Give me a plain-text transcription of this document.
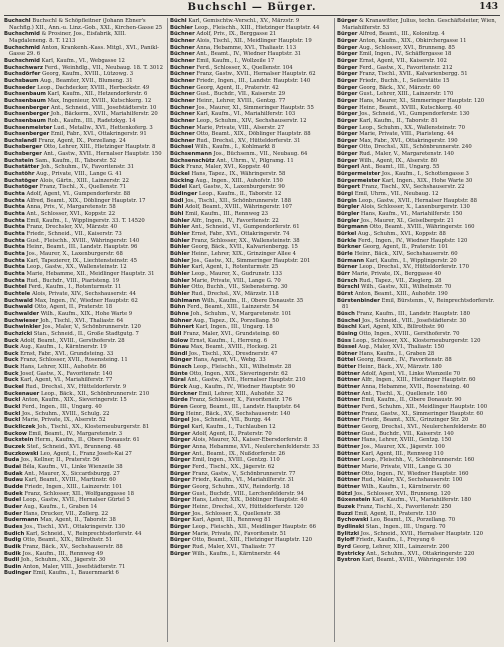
Buchschl — Bürger.	143

Buchschl Buchschl & Schöpfleitner (Johann Ebner's Nachflg.) XII., Ann.-u. Linz.-Gob., XXI., Kirchen-Gasse 25

Buchschmid & Prosiner, Jos., Eisfabrik, XIII. Magdaleneng. 8. T. 1213

Buchschmid Anton, Krankenh.-Kass. Mitgl., XVI., Panikl-Gasse 29. 6

Buchschmid Karl, Kaufm., VI., Webgasse 12

Buchschwarz Ferd., Weinhdlg., VII., Neubaug. 18. T. 3012

Buchsdörfer Georg, Kaufm., XVIII., Lützowg. 3

Buchsbaum Aug., Beamter, XVII., Blumeng. 31

Buchseder Leop., Dachdecker, XVIII., Herbeckstr. 49

Buchsenbaum Karl, Kaufm., XII., Hetzendorferstr. 6

Buchsenbaum Max, Ingenieur, XVIII., Kutschkerg. 12

Buchsenberger Ant., Schneid., VIII., Josefstädterstr. 10

Buchsenberger Joh., Bäckerm., XVII., Mariahilferstr. 20

Buchsenbaum Rob., Kaufm., III., Radetzkyg. 14

Buchsenmeister Lud., Metallw., XVI., Hettenkoferg. 3

Buchsenberger Emil, Fabr., XVI., Ottakringerstr. 91

Buchslandl Franz, Agent, IX., Porzellang. 24

Buchsberger Otto, Lehrer, XIII., Hietzinger Hauptstr. 8

Buchsberger Ant., Gastw., XVII., Hernalser Hauptstr. 150

Buchstein Sam., Kaufm., II., Taborstr. 52

Buchstätter Joh., Schuhm., IV., Favoritenstr. 31

Buchstöhr Aug., Private, VIII., Lange G. 41

Buchstöger Alois, Gärtn., XIII., Lainzerstr. 22

Buchstöger Franz, Tischl., X., Quellenstr. 71

Buchta Adolf, Agent, VI., Gumpendorferstr. 88

Buchta Alfred, Beamt., XIX., Döblinger Hauptstr. 17

Buchta Anna, Priv., V., Margaretenstr. 58

Buchta Ant., Schlosser, XVI., Koppstr. 22

Buchta Emil, Kaufm., I., Wipplingerstr. 33. T. 14520

Buchta Franz, Drechsler, XV., Märzstr. 40

Buchta Friedr., Schneid., VII., Kaiserstr. 73

Buchta Gust., Fleischh., XVIII., Währingerstr. 140

Buchta Heinr., Beamt., III., Landstr. Hauptstr. 96

Buchta Jos., Maurer, X., Laxenburgerstr. 68

Buchta Karl, Tapezierer, IX., Liechtensteinstr. 45

Buchta Leop., Gastw., XX., Wallensteinstr. 12

Buchta Marie, Hebamme, XII., Meidlinger Hauptstr. 31

Buchta Rud., Buchdr., VIII., Piaristeng. 19

Buchtel Ferd., Kaufm., I., Rotenturmstr. 11

Buchtele Alois, Private, XIV., Sechshauserstr. 44

Buchwald Max, Ingen., IV., Wiedner Hauptstr. 62

Buchwald Otto, Agent, II., Praterstr. 18

Buchwalder Wilh., Kaufm., XIX., Hohe Warte 9

Buchwieser Joh., Tischl., XVI., Thaliastr. 64

Buchwinkler Jos., Maler, V., Schönbrunnerstr. 120

Buchzicki Stan., Schneid., II., Große Stadtgutg. 7

Buck Adolf, Beamt., XVIII., Gersthoferstr. 28

Buck Aug., Kaufm., I., Kärntnerstr. 19

Buck Ernst, Fabr., XVI., Grundsteing. 33

Buck Franz, Schlosser, XVII., Rosensteing. 11

Buck Hans, Lehrer, XIII., Auhofstr. 86

Buck Josef, Gastw., X., Favoritenstr. 140

Buck Karl, Agent, VI., Mariahilferstr. 77

Buckel Rud., Drechsl., XV., Hütteldorferstr. 9

Buckenauer Leop., Bäck., XII., Schönbrunnerstr. 210

Buckl Anton, Kaufm., XIX., Sieveringerstr. 15

Buckl Ferd., Ingen., III., Ungarg. 40

Buckl Jos., Schuhm., XVIII., Schulg. 22

Buckl Marie, Private, IX., Alserstr. 52

Buckliczek Joh., Tischl., XX., Klosterneuburgerstr. 81

Buckow Emil, Beamt., IV., Margaretenstr. 3

Buckstein Herm., Kaufm., II., Obere Donaustr. 61

Buczek Stef., Schneid., XVI., Brunneng. 48

Buczkowski Leo, Agent, I., Franz Josefs-Kai 27

Buda Jos., Kellner, II., Praterstr. 56

Budai Béla, Kaufm., VI., Linke Wienzeile 38

Budak Ant., Maurer, X., Siccardsburgg. 27

Budau Karl, Beamt., XVIII., Martinstr. 60

Budde Friedr., Ingen., XIII., Lainzerstr. 101

Budek Franz, Schlosser, XII., Wolfganggasse 18

Budel Leop., Gastw., XVII., Hernalser Gürtel 5

Buder Aug., Kaufm., I., Graben 14

Buder Hans, Drucker, VII., Zollerg. 22

Budermann Max, Agent, II., Taborstr. 38

Budes Jos., Tischl., XVI., Ottakringerstr. 130

Budich Karl, Schneid., V., Reinprechtsdorferstr. 44

Budig Otto, Beamt., XIX., Billrothstr. 51

Budik Franz, Bäck., XV., Sechshauserstr. 88

Budik Jos., Kaufm., III., Rennweg 49

Budil Joh., Schuhm., XX., Jägerstr. 30

Budin Anton, Maler, VIII., Josefstädterstr. 71

Budinger Emil, Kaufm., I., Bauernmarkt 6

Büchl Karl, Gemischtw.-Verschl., XV., Märzstr. 9

Büchler Leop., Fleischh., XIII., Hietzinger Hauptstr. 44

Büchner Adolf, Priv., IX., Berggasse 21

Büchner Alois, Tischl., XII., Meidlinger Hauptstr. 19

Büchner Anna, Hebamme, XVI., Thaliastr. 113

Büchner Ant., Beamt., IV., Wiedner Hauptstr. 31

Büchner Emil, Kaufm., I., Wollzeile 17

Büchner Ferd., Schlosser, X., Quellenstr. 104

Büchner Franz, Gastw., XVII., Hernalser Hauptstr. 62

Büchner Friedr., Ingen., III., Landstr. Hauptstr. 140

Büchner Georg, Agent, II., Praterstr. 42

Büchner Gust., Buchdr., VII., Kaiserstr. 29

Büchner Heinr., Lehrer, XVIII., Gentzg. 77

Büchner Jos., Maurer, XI., Simmeringer Hauptstr. 55

Büchner Karl, Kaufm., VI., Mariahilferstr. 103

Büchner Leop., Schuhm., XIV., Sechshauserstr. 12

Büchner Marie, Private, VIII., Alserstr. 27

Büchner Otto, Beamt., XIX., Döblinger Hauptstr. 88

Büchner Rud., Drechsl., XV., Hütteldorferstr. 31

Büchsel Wilh., Kaufm., I., Kohlmarkt 8

Büchsenmann Jos., Büchsenm., VII., Neubaug. 64

Büchsenschütz Ant., Uhrm., V., Pilgramg. 11

Bück Franz, Maler, XVI., Koppstr. 40

Bückel Hans, Tapez., IX., Währingerstr. 58

Bücking Aug., Ingen., XIII., Auhofstr. 150

Büdel Karl, Gastw., X., Laxenburgerstr. 90

Büdinger Leop., Kaufm., II., Taborstr. 12

Büdl Jos., Tischl., XII., Schönbrunnerstr. 188

Bühl Adolf, Beamt., XVIII., Währingerstr. 107

Bühl Emil, Kaufm., III., Rennweg 23

Bühler Alfr., Ingen., IV., Favoritenstr. 22

Bühler Ant., Schneid., VI., Gumpendorferstr. 61

Bühler Ernst, Fabr., XVI., Ottakringerstr. 74

Bühler Franz, Schlosser, XX., Wallensteinstr. 38

Bühler Georg, Bäck., XVII., Kalvarienbergg. 15

Bühler Heinr., Lehrer, XIX., Grinzinger Allee 4

Bühler Jos., Gastw., XI., Simmeringer Hauptstr. 201

Bühler Karl, Agent, I., Rotenturmstr. 25

Bühler Leop., Maurer, X., Gudrunstr. 133

Bühler Marie, Private, VIII., Lange G. 70

Bühler Otto, Buchh., VII., Siebensterng. 30

Bühler Rud., Drechsl., XV., Märzstr. 118

Bühlmann Wilh., Kaufm., II., Obere Donaustr. 35

Bühn Ferd., Beamt., XIII., Lainzerstr. 54

Bühne Joh., Schuhm., V., Margaretenstr. 101

Bühner Aug., Tapez., IX., Porzellang. 50

Bühnert Karl, Ingen., III., Ungarg. 18

Büll Franz, Maler, XVI., Grundsteing. 60

Bülow Ernst, Kaufm., I., Herreng. 6

Bünau Max, Beamt., XVIII., Hockeg. 21

Bündl Jos., Tischl., XX., Dresdnerstr. 47

Bünger Hans, Agent, VI., Webg. 33

Bünsch Leop., Fleischh., XII., Wilhelmstr. 28

Bünte Otto, Ingen., XIX., Sieveringerstr. 62

Büral Ant., Gastw., XVII., Hernalser Hauptstr. 210

Bürck Aug., Kaufm., IV., Wiedner Hauptstr. 90

Bürckner Emil, Lehrer, XIII., Auhofstr. 32

Bürde Franz, Schlosser, X., Favoritenstr. 176

Büren Georg, Beamt., III., Landstr. Hauptstr. 64

Bürg Heinr., Bäck., XV., Sechshauserstr. 140

Bürgel Jos., Schneid., VII., Burgg. 44

Bürgel Karl, Kaufm., I., Tuchlauben 12

Bürger Adolf, Agent, II., Praterstr. 70

Bürger Alois, Maurer, XI., Kaiser-Ebersdorferstr. 8

Bürger Anna, Hebamme, XVI., Neulerchenfelderstr. 33

Bürger Ant., Beamt., IX., Nußdorferstr. 26

Bürger Emil, Ingen., XVIII., Gentzg. 110

Bürger Ferd., Tischl., XX., Jägerstr. 62

Bürger Franz, Gastw., V., Schönbrunnerstr. 77

Bürger Friedr., Kaufm., VI., Mariahilferstr. 31

Bürger Georg, Schuhm., XIV., Reindorfg. 18

Bürger Gust., Buchdr., VIII., Lerchenfelderstr. 94

Bürger Hans, Lehrer, XIX., Döblinger Hauptstr. 40

Bürger Heinr., Drechsl., XV., Hütteldorferstr. 120

Bürger Jos., Schlosser, X., Quellenstr. 38

Bürger Karl, Agent, III., Rennweg 81

Bürger Leop., Fleischh., XII., Meidlinger Hauptstr. 66

Bürger Marie, Private, IV., Favoritenstr. 51

Bürger Otto, Beamt., XIII., Hietzinger Hauptstr. 120

Bürger Rud., Maler, XVI., Thaliastr. 77

Bürger Wilh., Kaufm., I., Kärntnerstr. 44

Bürger & Kranawitter, Julius, techn. Geschäftsleiter, Wien, Mariahilferstr. 53

Bürger Alfred, Beamt., III., Kolonitzg. 4

Bürger Anton, Kaufm., XIX., Obkirchergasse 11

Bürger Aug., Schlosser, XVI., Brunneng. 85

Bürger Emil, Ingen., IV., Schäffergasse 18

Bürger Ernst, Agent, VII., Kaiserstr. 102

Bürger Ferd., Gastw., X., Favoritenstr. 212

Bürger Franz, Tischl., XVII., Kalvarienbergg. 51

Bürger Friedr., Buchh., I., Seilerstätte 15

Bürger Georg, Bäck., XV., Märzstr. 60

Bürger Gust., Lehrer, XIII., Lainzerstr. 170

Bürger Hans, Maurer, XI., Simmeringer Hauptstr. 120

Bürger Heinr., Beamt., XVIII., Kutschkerg. 40

Bürger Jos., Schneid., VI., Gumpendorferstr. 130

Bürger Karl, Kaufm., II., Taborstr. 81

Bürger Leop., Schuhm., XX., Wallensteinstr. 70

Bürger Marie, Private, VIII., Piaristeng. 44

Bürger Max, Fabr., XVI., Ottakringerstr. 190

Bürger Otto, Drechsl., XII., Schönbrunnerstr. 240

Bürger Rud., Maler, V., Margaretenstr. 140

Bürger Wilh., Agent, IX., Alserstr. 80

Bürgerl Ant., Beamt., III., Ungarg. 55

Bürgermeister Jos., Kaufm., I., Schottengasse 3

Bürgermeister Karl, Ingen., XIX., Hohe Warte 30

Bürgert Franz, Tischl., XV., Sechshauserstr. 22

Bürgi Emil, Uhrm., VII., Neubaug. 12

Bürgin Leop., Gastw., XVII., Hernalser Hauptstr. 88

Bürgler Alois, Schlosser, X., Laxenburgerstr. 130

Bürgler Hans, Kaufm., VI., Mariahilferstr. 150

Bürgler Jos., Maurer, XI., Geiselbergstr. 21

Bürgmann Otto, Beamt., XVIII., Währingerstr. 160

Bürkel Aug., Schuhm., XVI., Koppstr. 88

Bürkle Ferd., Ingen., IV., Wiedner Hauptstr. 120

Bürkner Georg, Agent, II., Praterstr. 101

Bürle Heinr., Bäck., XIV., Sechshauserstr. 60

Bürmann Karl, Kaufm., I., Wipplingerstr. 20

Bürner Leop., Drechsl., XV., Hütteldorferstr. 170

Bürr Marie, Private, IX., Berggasse 40

Bürsch Rud., Tapez., VII., Zieglerg. 28

Bürschl Wilh., Gastw., XII., Wilhelmstr. 70

Bürst Anton, Beamt., XIII., Auhofstr. 190

Bürstenbinder Emil, Bürstenm., V., Reinprechtsdorferstr. 81

Büsch Franz, Kaufm., III., Landstr. Hauptstr. 180

Büschel Jos., Schneid., VIII., Josefstädterstr. 30

Büschl Karl, Agent, XIX., Billrothstr. 90

Büsing Otto, Ingen., XVIII., Gersthoferstr. 70

Büss Leop., Schlosser, XX., Klosterneuburgerstr. 120

Büssel Aug., Maler, XVI., Thaliastr. 150

Bütner Hans, Kaufm., I., Graben 28

Büttel Georg, Beamt., IV., Favoritenstr. 88

Bütter Heinr., Bäck., XV., Märzstr. 180

Büttner Adolf, Agent, VI., Linke Wienzeile 70

Büttner Alfr., Ingen., XIII., Hietzinger Hauptstr. 60

Büttner Anna, Hebamme, XVII., Rosensteing. 40

Büttner Ant., Tischl., X., Quellenstr. 160

Büttner Emil, Kaufm., II., Obere Donaustr. 90

Büttner Ferd., Schuhm., XII., Meidlinger Hauptstr. 100

Büttner Franz, Gastw., XI., Simmeringer Hauptstr. 60

Büttner Friedr., Beamt., XIX., Grinzinger Str. 20

Büttner Georg, Drechsl., XVI., Neulerchenfelderstr. 80

Büttner Gust., Buchdr., VII., Kaiserstr. 140

Büttner Hans, Lehrer, XVIII., Gentzg. 150

Büttner Jos., Maurer, XX., Jägerstr. 100

Büttner Karl, Agent, III., Rennweg 110

Büttner Leop., Fleischh., V., Schönbrunnerstr. 160

Büttner Marie, Private, VIII., Lange G. 30

Büttner Otto, Ingen., IV., Wiedner Hauptstr. 160

Büttner Rud., Maler, XV., Sechshauserstr. 100

Büttner Wilh., Kaufm., I., Kärntnerstr. 60

Bützl Jos., Schlosser, XVI., Brunneng. 120

Büxenstein Karl, Kaufm., VI., Mariahilferstr. 180

Buzek Franz, Tischl., X., Favoritenstr. 250

Buzzi Emil, Agent, II., Praterstr. 130

Bychowski Leo, Beamt., IX., Porzellang. 70

Bydlinski Stan., Ingen., III., Ungarg. 70

Bylitzki Jos., Schneid., XVII., Hernalser Hauptstr. 120

Byloff Friedr., Kaufm., I., Freyung 6

Byrd Georg, Lehrer, XIII., Lainzerstr. 200

Bystricky Ant., Schuhm., XVI., Ottakringerstr. 220

Bystron Karl, Beamt., XVIII., Währingerstr. 190
